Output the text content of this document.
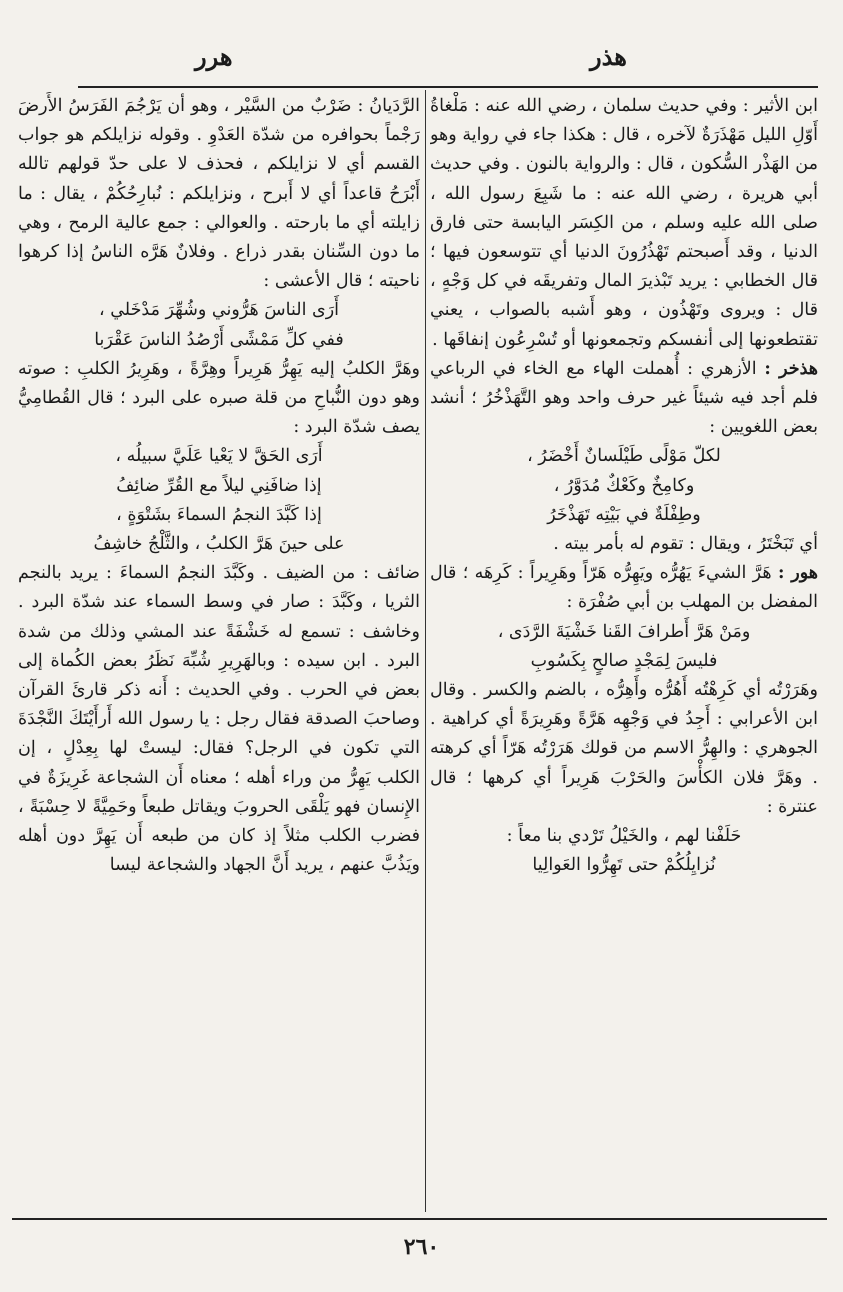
هذر
هرر

ابن الأثير : وفي حديث سلمان ، رضي الله عنه : مَلْغاةُ أَوّلِ الليل مَهْذَرَةٌ لآخره ، قال : هكذا جاء في رواية وهو من الهَذْر السُّكون ، قال : والرواية بالنون . وفي حديث أبي هريرة ، رضي الله عنه : ما شَبِعَ رسول الله ، صلى الله عليه وسلم ، من الكِسَر اليابسة حتى فارق الدنيا ، وقد أَصبحتم تَهْذُرُونَ الدنيا أي تتوسعون فيها ؛ قال الخطابي : يريد تَبْذيرَ المال وتفريقَه في كل وَجْهٍ ، قال : ويروى وتَهْذُون ، وهو أَشبه بالصواب ، يعني تقتطعونها إلى أنفسكم وتجمعونها أو تُسْرِعُون إنفاقَها .

هذخر : الأزهري : أُهملت الهاء مع الخاء في الرباعي فلم أجد فيه شيئاً غير حرف واحد وهو التَّهَذْخُرُ ؛ أنشد بعض اللغويين :

لكلّ مَوْلًى طَيْلَسانٌ أَخْضَرُ ،

وكامِخٌ وكَعْكٌ مُدَوَّرُ ،

وطِفْلَةٌ في بَيْتِه تَهَذْخَرُ

أي تَبَخْتَرُ ، ويقال : تقوم له بأمر بيته .

هور : هَرَّ الشيءَ يَهُرُّه ويَهِرُّه هَرّاً وهَرِيراً : كَرِهَه ؛ قال المفضل بن المهلب بن أبي صُفْرَة :

ومَنْ هَرَّ أَطرافَ القَنا خَشْيَةَ الرَّدَى ،

فليسَ لِمَجْدٍ صالحٍ بِكَسُوبِ

وهَرَرْتُه أي كَرِهْتُه أَهُرُّه وأَهِرُّه ، بالضم والكسر . وقال ابن الأعرابي : أَجِدُ في وَجْهِه هَرَّةً وهَرِيرَةً أي كراهية . الجوهري : والهِرُّ الاسم من قولك هَرَرْتُه هَرّاً أي كرهته . وهَرَّ فلان الكأْسَ والحَرْبَ هَرِيراً أي كرهها ؛ قال عنترة :

حَلَفْنا لهم ، والخَيْلُ تَرْدي بنا معاً :

نُزايِلُكُمْ حتى تَهِرُّوا العَوالِيا

الرَّدَيانُ : ضَرْبٌ من السَّيْر ، وهو أن يَرْجُمَ الفَرَسُ الأَرضَ رَجْماً بحوافره من شدّة العَدْوِ . وقوله نزايلكم هو جواب القسم أي لا نزايلكم ، فحذف لا على حدّ قولهم تالله أَبْرَحُ قاعداً أي لا أَبرح ، ونزايلكم : نُبارِحُكُمْ ، يقال : ما زايلته أي ما بارحته . والعوالي : جمع عالية الرمح ، وهي ما دون السِّنان بقدر ذراع . وفلانٌ هَرَّه الناسُ إذا كرهوا ناحيته ؛ قال الأعشى :

أَرَى الناسَ هَرُّوني وشُهِّرَ مَدْخَلي ،

ففي كلِّ مَمْشًى أَرْصُدُ الناسَ عَقْرَبا

وهَرَّ الكلبُ إليه يَهِرُّ هَرِيراً وهِرَّةً ، وهَرِيرُ الكلبِ : صوته وهو دون النُّباحِ من قلة صبره على البرد ؛ قال القُطامِيُّ يصف شدّة البرد :

أَرَى الحَقَّ لا يَعْيا عَلَيَّ سبيلُه ،

إذا ضافَنِي ليلاً مع القُرِّ ضائِفُ

إذا كَبَّدَ النجمُ السماءَ بشَتْوَةٍ ،

على حينَ هَرَّ الكلبُ ، والثَّلْجُ خاشِفُ

ضائف : من الضيف . وكَبَّدَ النجمُ السماءَ : يريد بالنجم الثريا ، وكَبَّدَ : صار في وسط السماء عند شدّة البرد . وخاشف : تسمع له خَشْفَةً عند المشي وذلك من شدة البرد . ابن سيده : وبالهَرِيرِ شُبِّهَ نَظَرُ بعض الكُماة إلى بعض في الحرب . وفي الحديث : أَنه ذكر قارئَ القرآن وصاحبَ الصدقة فقال رجل : يا رسول الله أَرأَيْتَكَ النَّجْدَةَ التي تكون في الرجل؟ فقال: ليستْ لها بِعِدْلٍ ، إن الكلب يَهِرُّ من وراء أهله ؛ معناه أَن الشجاعة غَرِيزَةٌ في الإِنسان فهو يَلْقَى الحروبَ ويقاتل طبعاً وحَمِيَّةً لا حِسْبَةً ، فضرب الكلب مثلاً إذ كان من طبعه أَن يَهِرَّ دون أهله ويَذُبَّ عنهم ، يريد أَنَّ الجهاد والشجاعة ليسا

٢٦٠
